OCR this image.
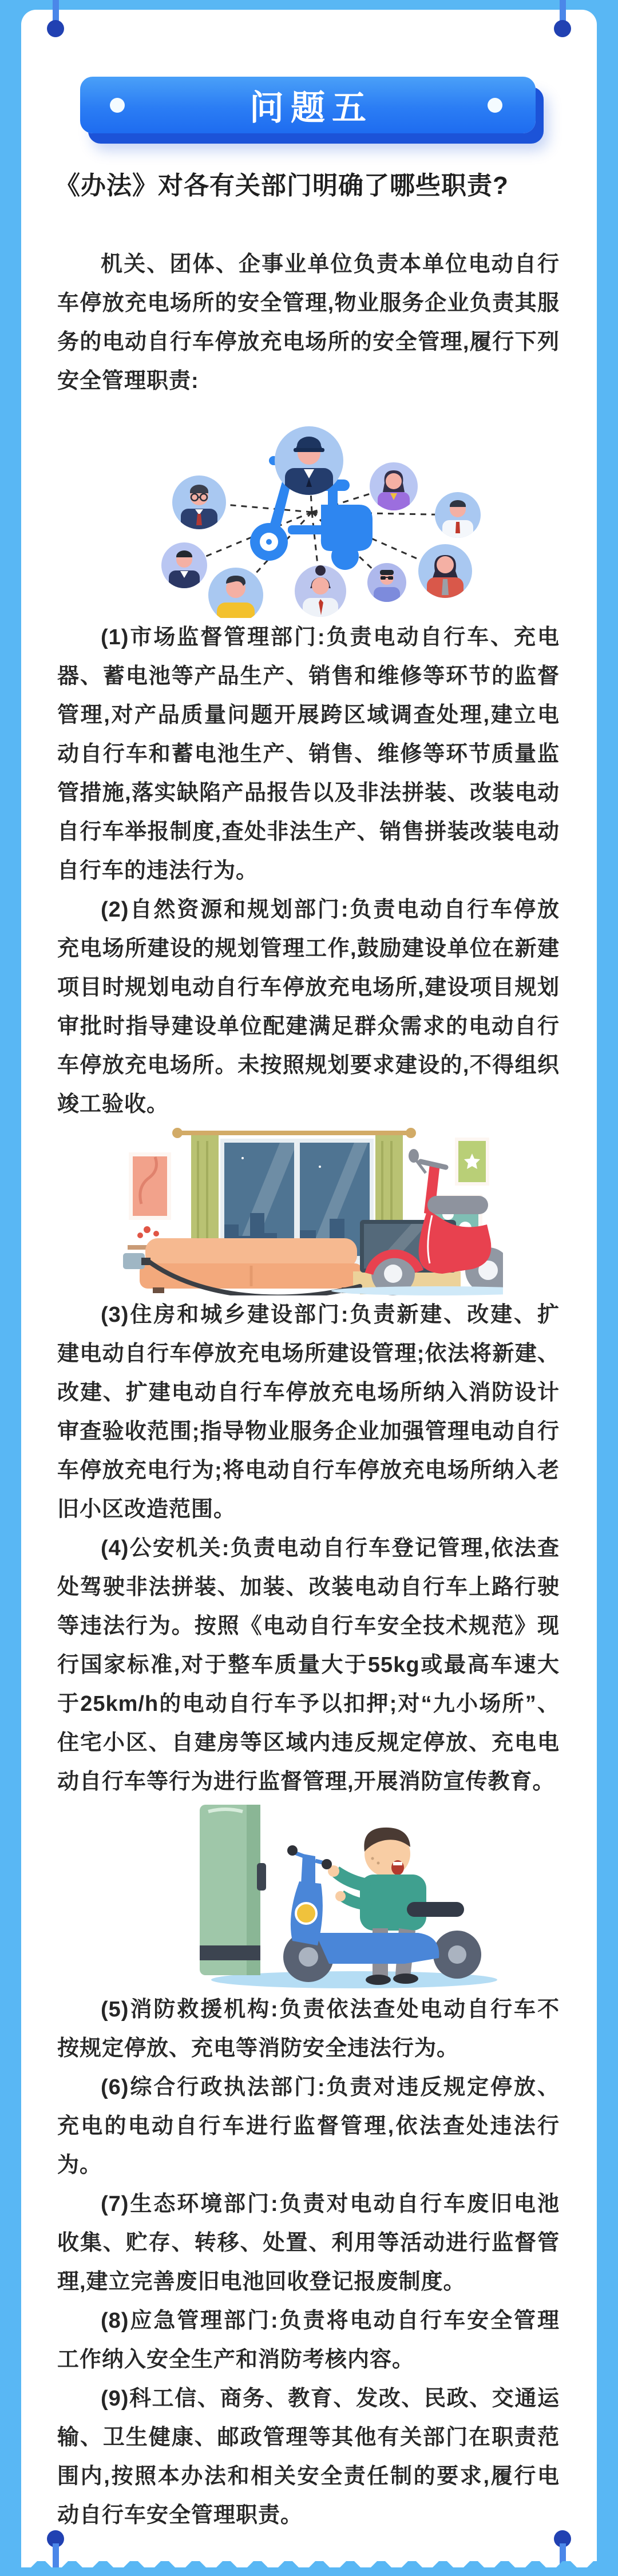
问题五
《办法》对各有关部门明确了哪些职责?

机关、团体、企事业单位负责本单位电动自行车停放充电场所的安全管理,物业服务企业负责其服务的电动自行车停放充电场所的安全管理,履行下列安全管理职责:

(1)市场监督管理部门:负责电动自行车、充电器、蓄电池等产品生产、销售和维修等环节的监督管理,对产品质量问题开展跨区域调查处理,建立电动自行车和蓄电池生产、销售、维修等环节质量监管措施,落实缺陷产品报告以及非法拼装、改装电动自行车举报制度,查处非法生产、销售拼装改装电动自行车的违法行为。

(2)自然资源和规划部门:负责电动自行车停放充电场所建设的规划管理工作,鼓励建设单位在新建项目时规划电动自行车停放充电场所,建设项目规划审批时指导建设单位配建满足群众需求的电动自行车停放充电场所。未按照规划要求建设的,不得组织竣工验收。

(3)住房和城乡建设部门:负责新建、改建、扩建电动自行车停放充电场所建设管理;依法将新建、改建、扩建电动自行车停放充电场所纳入消防设计审查验收范围;指导物业服务企业加强管理电动自行车停放充电行为;将电动自行车停放充电场所纳入老旧小区改造范围。

(4)公安机关:负责电动自行车登记管理,依法查处驾驶非法拼装、加装、改装电动自行车上路行驶等违法行为。按照《电动自行车安全技术规范》现行国家标准,对于整车质量大于55kg或最高车速大于25km/h的电动自行车予以扣押;对“九小场所”、住宅小区、自建房等区域内违反规定停放、充电电动自行车等行为进行监督管理,开展消防宣传教育。

(5)消防救援机构:负责依法查处电动自行车不按规定停放、充电等消防安全违法行为。

(6)综合行政执法部门:负责对违反规定停放、充电的电动自行车进行监督管理,依法查处违法行为。

(7)生态环境部门:负责对电动自行车废旧电池收集、贮存、转移、处置、利用等活动进行监督管理,建立完善废旧电池回收登记报废制度。

(8)应急管理部门:负责将电动自行车安全管理工作纳入安全生产和消防考核内容。

(9)科工信、商务、教育、发改、民政、交通运输、卫生健康、邮政管理等其他有关部门在职责范围内,按照本办法和相关安全责任制的要求,履行电动自行车安全管理职责。
